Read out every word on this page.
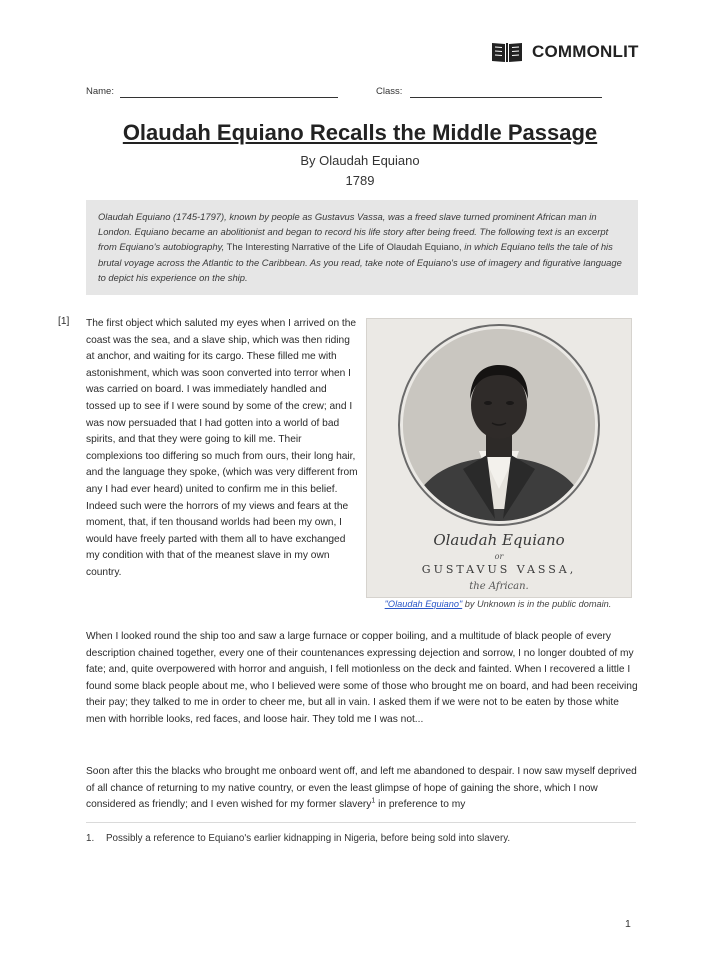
COMMONLIT
Name:	Class:
Olaudah Equiano Recalls the Middle Passage
By Olaudah Equiano
1789
Olaudah Equiano (1745-1797), known by people as Gustavus Vassa, was a freed slave turned prominent African man in London. Equiano became an abolitionist and began to record his life story after being freed. The following text is an excerpt from Equiano's autobiography, The Interesting Narrative of the Life of Olaudah Equiano, in which Equiano tells the tale of his brutal voyage across the Atlantic to the Caribbean. As you read, take note of Equiano's use of imagery and figurative language to depict his experience on the ship.
[1] The first object which saluted my eyes when I arrived on the coast was the sea, and a slave ship, which was then riding at anchor, and waiting for its cargo. These filled me with astonishment, which was soon converted into terror when I was carried on board. I was immediately handled and tossed up to see if I were sound by some of the crew; and I was now persuaded that I had gotten into a world of bad spirits, and that they were going to kill me. Their complexions too differing so much from ours, their long hair, and the language they spoke, (which was very different from any I had ever heard) united to confirm me in this belief. Indeed such were the horrors of my views and fears at the moment, that, if ten thousand worlds had been my own, I would have freely parted with them all to have exchanged my condition with that of the meanest slave in my own country.
Olaudah Equiano
or
GUSTAVUS VASSA,
the African.
"Olaudah Equiano" by Unknown is in the public domain.
When I looked round the ship too and saw a large furnace or copper boiling, and a multitude of black people of every description chained together, every one of their countenances expressing dejection and sorrow, I no longer doubted of my fate; and, quite overpowered with horror and anguish, I fell motionless on the deck and fainted. When I recovered a little I found some black people about me, who I believed were some of those who brought me on board, and had been receiving their pay; they talked to me in order to cheer me, but all in vain. I asked them if we were not to be eaten by those white men with horrible looks, red faces, and loose hair. They told me I was not...
Soon after this the blacks who brought me onboard went off, and left me abandoned to despair. I now saw myself deprived of all chance of returning to my native country, or even the least glimpse of hope of gaining the shore, which I now considered as friendly; and I even wished for my former slavery$^1$ in preference to my
1. Possibly a reference to Equiano's earlier kidnapping in Nigeria, before being sold into slavery.
1
